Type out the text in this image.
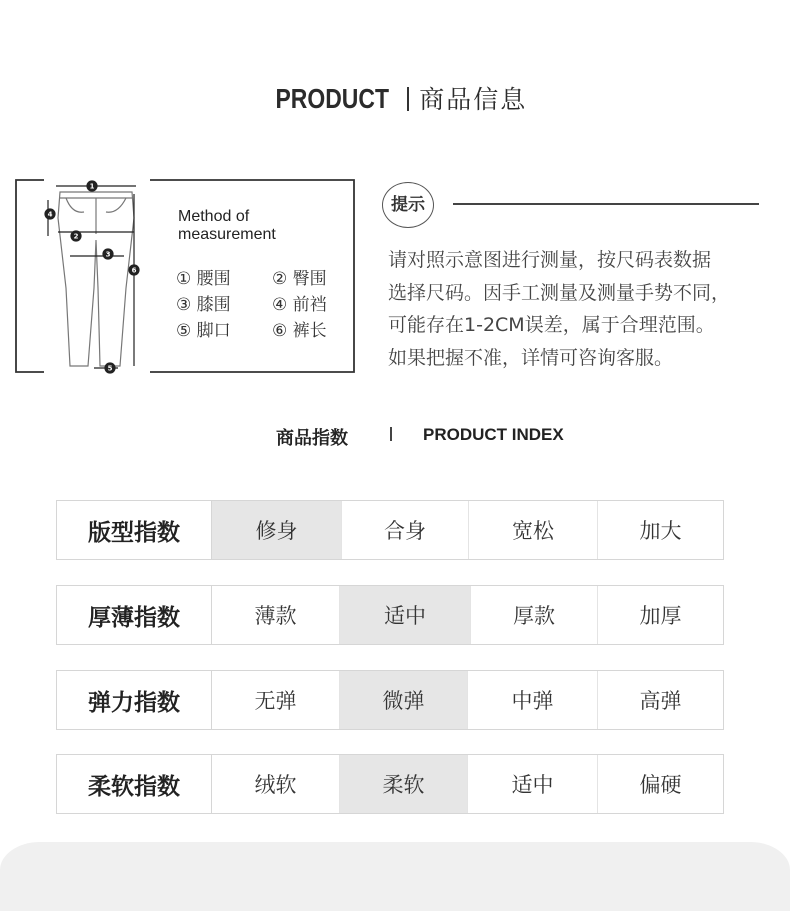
PRODUCT 商品信息
1
4
2
3
6
5
Method of
measurement
① 腰围 ② 臀围
③ 膝围 ④ 前裆
⑤ 脚口 ⑥ 裤长
提示
请对照示意图进行测量，按尺码表数据
选择尺码。因手工测量及测量手势不同，
可能存在1-2CM误差，属于合理范围。
如果把握不准，详情可咨询客服。
商品指数	PRODUCT INDEX
版型指数	修身	合身	宽松	加大
厚薄指数	薄款	适中	厚款	加厚
弹力指数	无弹	微弹	中弹	高弹
柔软指数	绒软	柔软	适中	偏硬
